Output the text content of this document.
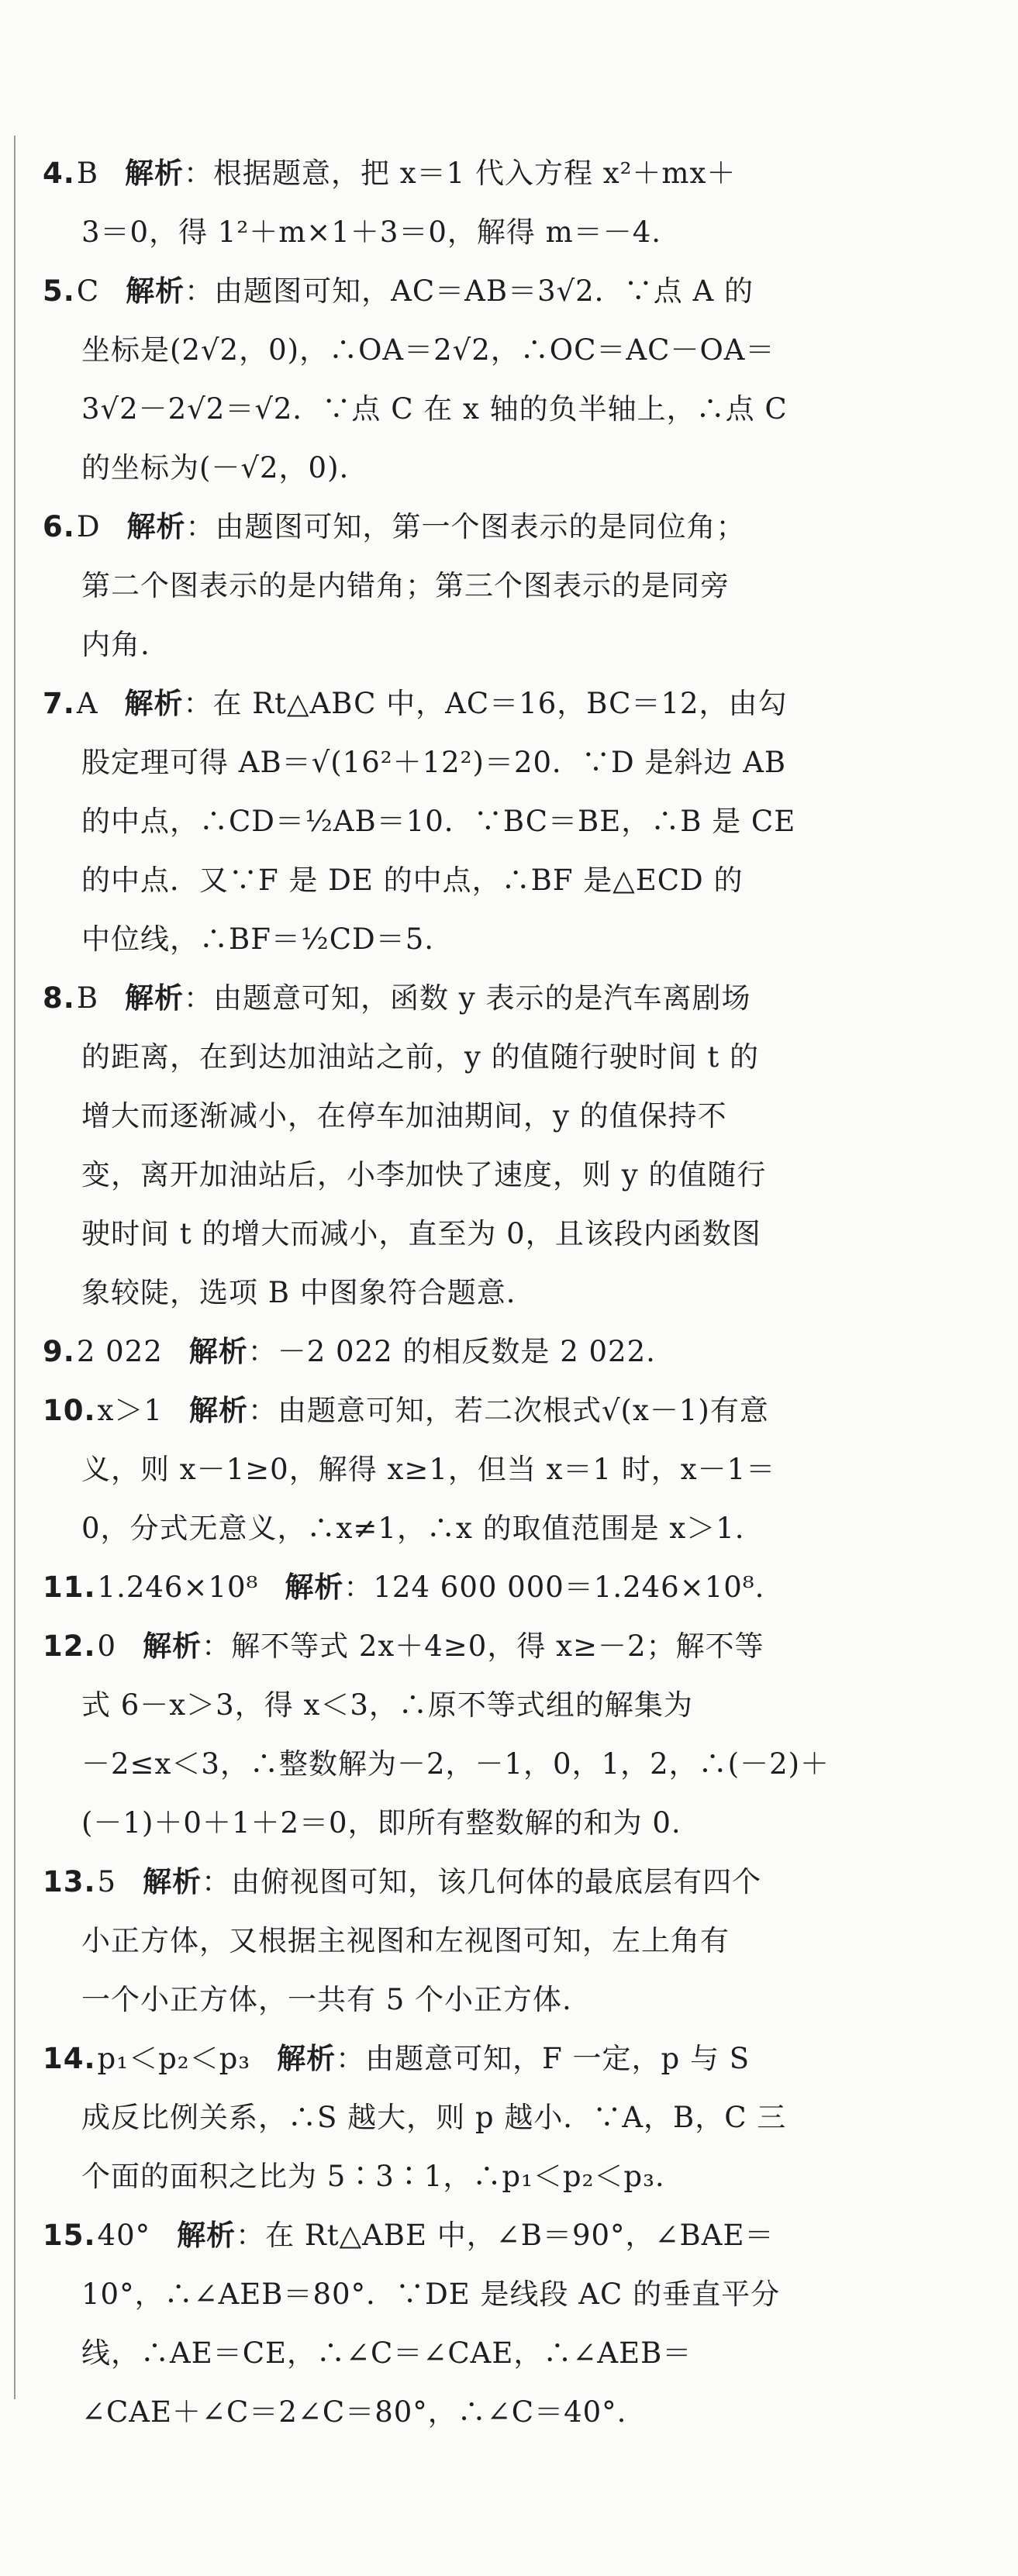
4.B 解析：根据题意，把 x＝1 代入方程 x²＋mx＋
3＝0，得 1²＋m×1＋3＝0，解得 m＝－4.
5.C 解析：由题图可知，AC＝AB＝3√2．∵点 A 的
坐标是(2√2，0)，∴OA＝2√2，∴OC＝AC－OA＝
3√2－2√2＝√2．∵点 C 在 x 轴的负半轴上，∴点 C
的坐标为(－√2，0).
6.D 解析：由题图可知，第一个图表示的是同位角；
第二个图表示的是内错角；第三个图表示的是同旁
内角.
7.A 解析：在 Rt△ABC 中，AC＝16，BC＝12，由勾
股定理可得 AB＝√(16²＋12²)＝20．∵D 是斜边 AB
的中点，∴CD＝½AB＝10．∵BC＝BE，∴B 是 CE
的中点．又∵F 是 DE 的中点，∴BF 是△ECD 的
中位线，∴BF＝½CD＝5.
8.B 解析：由题意可知，函数 y 表示的是汽车离剧场
的距离，在到达加油站之前，y 的值随行驶时间 t 的
增大而逐渐减小，在停车加油期间，y 的值保持不
变，离开加油站后，小李加快了速度，则 y 的值随行
驶时间 t 的增大而减小，直至为 0，且该段内函数图
象较陡，选项 B 中图象符合题意.
9.2 022 解析：－2 022 的相反数是 2 022.
10.x＞1 解析：由题意可知，若二次根式√(x－1)有意
义，则 x－1≥0，解得 x≥1，但当 x＝1 时，x－1＝
0，分式无意义，∴x≠1，∴x 的取值范围是 x＞1.
11.1.246×10⁸ 解析：124 600 000＝1.246×10⁸.
12.0 解析：解不等式 2x＋4≥0，得 x≥－2；解不等
式 6－x＞3，得 x＜3，∴原不等式组的解集为
－2≤x＜3，∴整数解为－2，－1，0，1，2，∴(－2)＋
(－1)＋0＋1＋2＝0，即所有整数解的和为 0.
13.5 解析：由俯视图可知，该几何体的最底层有四个
小正方体，又根据主视图和左视图可知，左上角有
一个小正方体，一共有 5 个小正方体.
14.p₁＜p₂＜p₃ 解析：由题意可知，F 一定，p 与 S
成反比例关系，∴S 越大，则 p 越小．∵A，B，C 三
个面的面积之比为 5∶3∶1，∴p₁＜p₂＜p₃.
15.40° 解析：在 Rt△ABE 中，∠B＝90°，∠BAE＝
10°，∴∠AEB＝80°．∵DE 是线段 AC 的垂直平分
线，∴AE＝CE，∴∠C＝∠CAE，∴∠AEB＝
∠CAE＋∠C＝2∠C＝80°，∴∠C＝40°.
